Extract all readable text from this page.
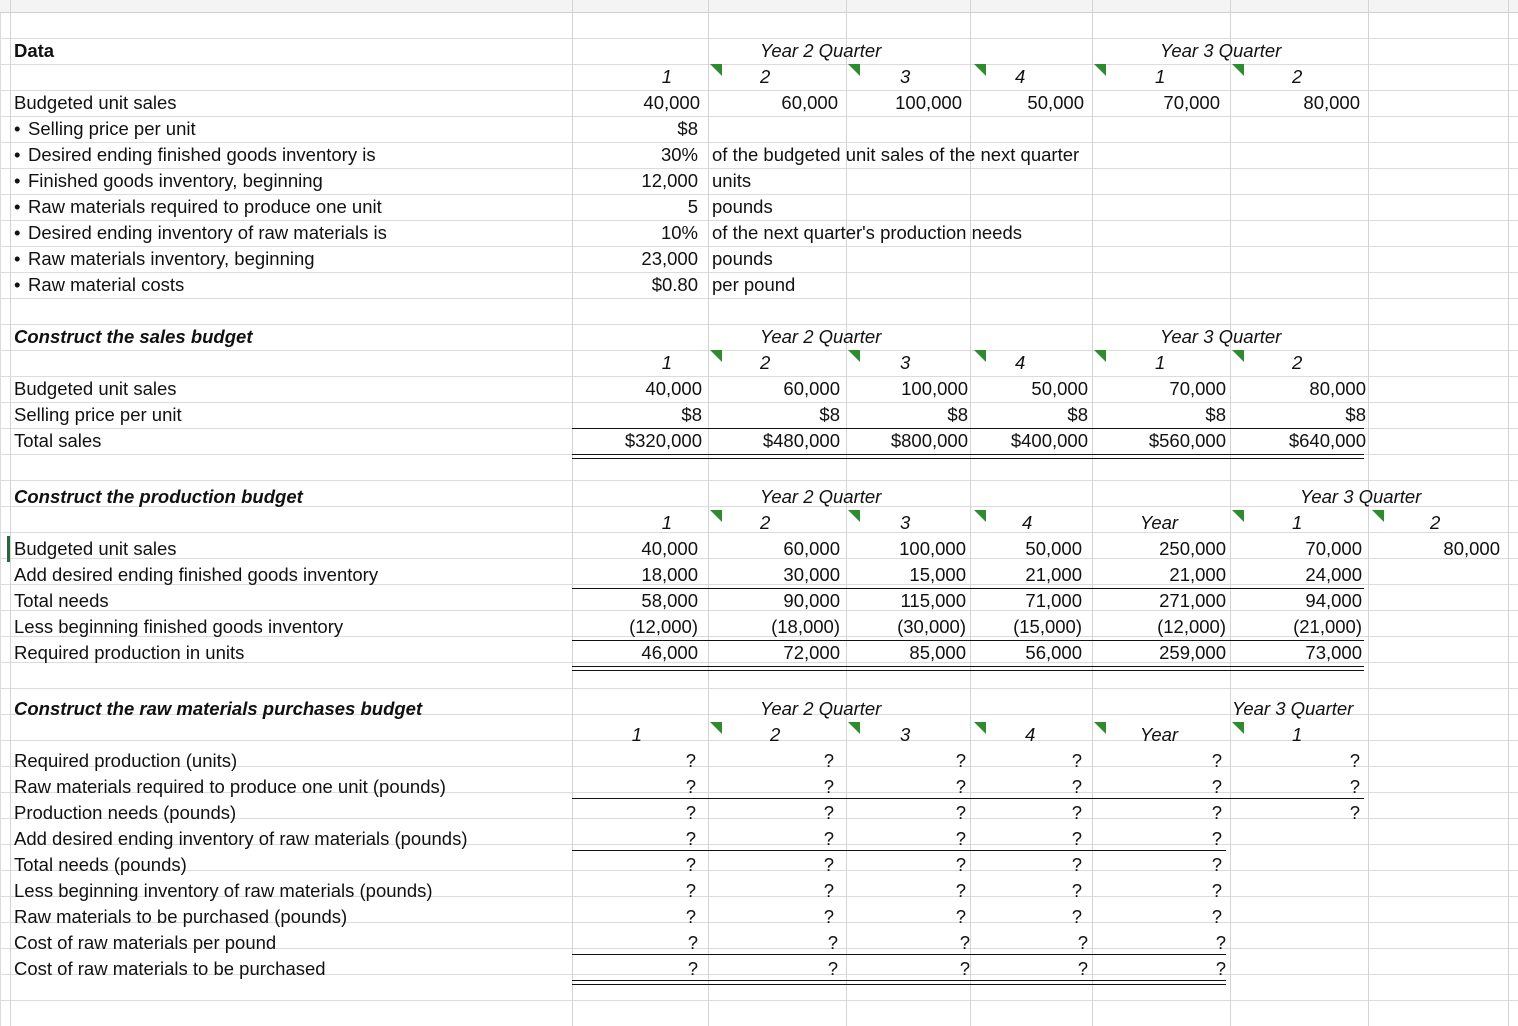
Data	Year 2 Quarter	Year 3 Quarter
1	2	3	4	1	2
Budgeted unit sales	40,000	60,000	100,000	50,000	70,000	80,000
• Selling price per unit	$8
• Desired ending finished goods inventory is	30% of the budgeted unit sales of the next quarter
• Finished goods inventory, beginning	12,000 units
• Raw materials required to produce one unit	5 pounds
• Desired ending inventory of raw materials is	10% of the next quarter's production needs
• Raw materials inventory, beginning	23,000 pounds
• Raw material costs	$0.80 per pound
Construct the sales budget	Year 2 Quarter	Year 3 Quarter
1	2	3	4	1	2
Budgeted unit sales	40,000	60,000	100,000	50,000	70,000	80,000
Selling price per unit	$8	$8	$8	$8	$8	$8
Total sales	$320,000	$480,000	$800,000	$400,000	$560,000	$640,000
Construct the production budget	Year 2 Quarter	Year 3 Quarter
1	2	3	4	Year	1	2
Budgeted unit sales	40,000	60,000	100,000	50,000	250,000	70,000	80,000
Add desired ending finished goods inventory	18,000	30,000	15,000	21,000	21,000	24,000
Total needs	58,000	90,000	115,000	71,000	271,000	94,000
Less beginning finished goods inventory	(12,000)	(18,000)	(30,000)	(15,000)	(12,000)	(21,000)
Required production in units	46,000	72,000	85,000	56,000	259,000	73,000
Construct the raw materials purchases budget	Year 2 Quarter	Year 3 Quarter
1	2	3	4	Year	1
Required production (units)	?	?	?	?	?	?
Raw materials required to produce one unit (pounds)	?	?	?	?	?	?
Production needs (pounds)	?	?	?	?	?	?
Add desired ending inventory of raw materials (pounds)	?	?	?	?	?
Total needs (pounds)	?	?	?	?	?
Less beginning inventory of raw materials (pounds)	?	?	?	?	?
Raw materials to be purchased (pounds)	?	?	?	?	?
Cost of raw materials per pound	?	?	?	?	?
Cost of raw materials to be purchased	?	?	?	?	?
